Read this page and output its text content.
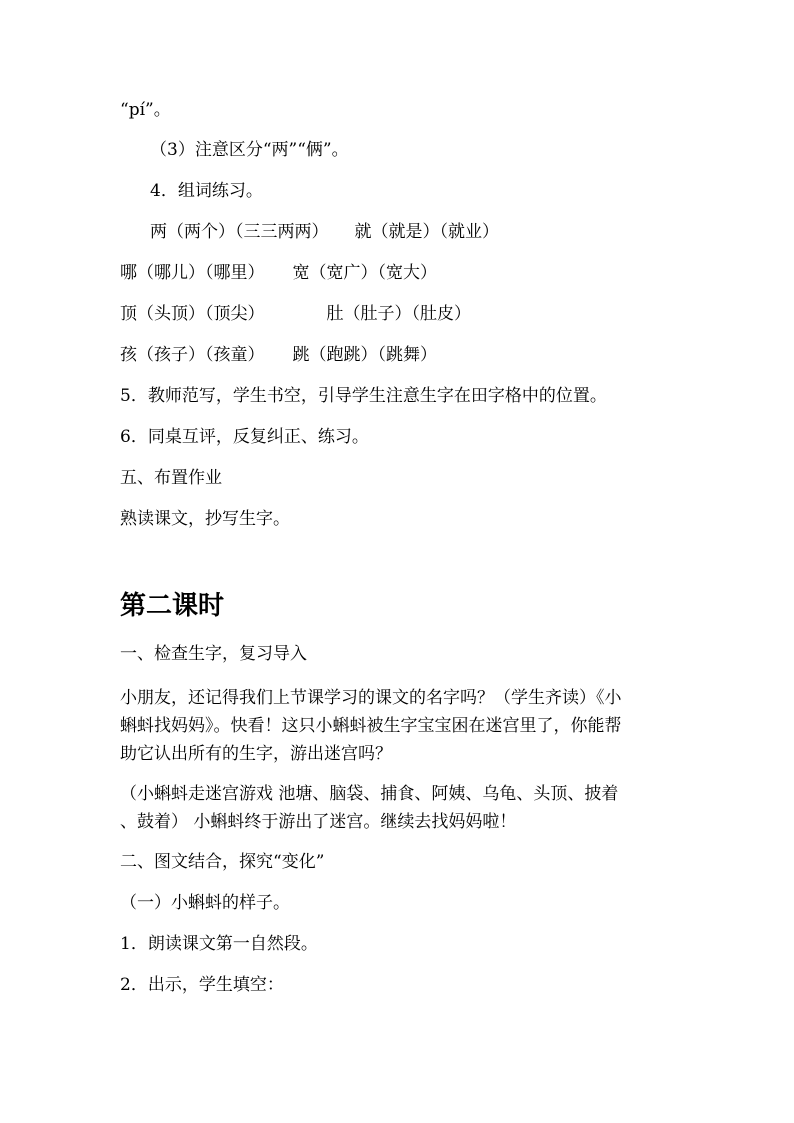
“pí”。
（3）注意区分“两”“俩”。
4．组词练习。
两（两个）（三三两两） 就（就是）（就业）
哪（哪儿）（哪里） 宽（宽广）（宽大）
顶（头顶）（顶尖）	肚（肚子）（肚皮）
孩（孩子）（孩童） 跳（跑跳）（跳舞）
5．教师范写，学生书空，引导学生注意生字在田字格中的位置。
6．同桌互评，反复纠正、练习。
五、布置作业
熟读课文，抄写生字。
第二课时
一、检查生字，复习导入
小朋友，还记得我们上节课学习的课文的名字吗？（学生齐读）《小
蝌蚪找妈妈》。快看！这只小蝌蚪被生字宝宝困在迷宫里了，你能帮
助它认出所有的生字，游出迷宫吗？
（小蝌蚪走迷宫游戏 池塘、脑袋、捕食、阿姨、乌龟、头顶、披着
、鼓着） 小蝌蚪终于游出了迷宫。继续去找妈妈啦！
二、图文结合，探究“变化”
（一）小蝌蚪的样子。
1．朗读课文第一自然段。
2．出示，学生填空：
